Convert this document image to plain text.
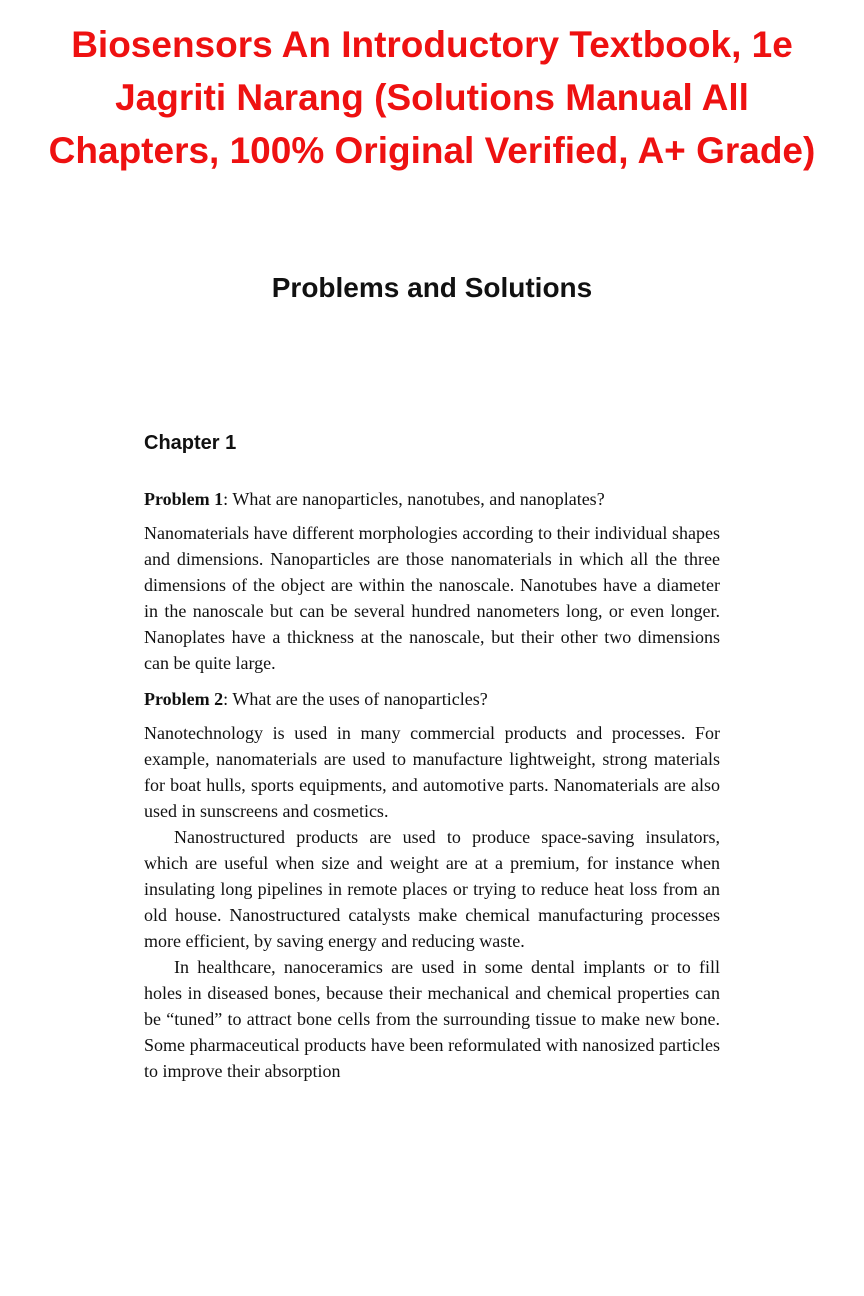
Biosensors An Introductory Textbook, 1e Jagriti Narang (Solutions Manual All Chapters, 100% Original Verified, A+ Grade)
Problems and Solutions
Chapter 1

Problem 1: What are nanoparticles, nanotubes, and nanoplates?

Nanomaterials have different morphologies according to their individual shapes and dimensions. Nanoparticles are those nanomaterials in which all the three dimensions of the object are within the nanoscale. Nanotubes have a diameter in the nanoscale but can be several hundred nanometers long, or even longer. Nanoplates have a thickness at the nanoscale, but their other two dimensions can be quite large.

Problem 2: What are the uses of nanoparticles?

Nanotechnology is used in many commercial products and processes. For example, nanomaterials are used to manufacture lightweight, strong materials for boat hulls, sports equipments, and automotive parts. Nanomaterials are also used in sunscreens and cosmetics.

Nanostructured products are used to produce space-saving insulators, which are useful when size and weight are at a premium, for instance when insulating long pipelines in remote places or trying to reduce heat loss from an old house. Nanostructured catalysts make chemical manufacturing processes more efficient, by saving energy and reducing waste.

In healthcare, nanoceramics are used in some dental implants or to fill holes in diseased bones, because their mechanical and chemical properties can be “tuned” to attract bone cells from the surrounding tissue to make new bone. Some pharmaceutical products have been reformulated with nanosized particles to improve their absorption
